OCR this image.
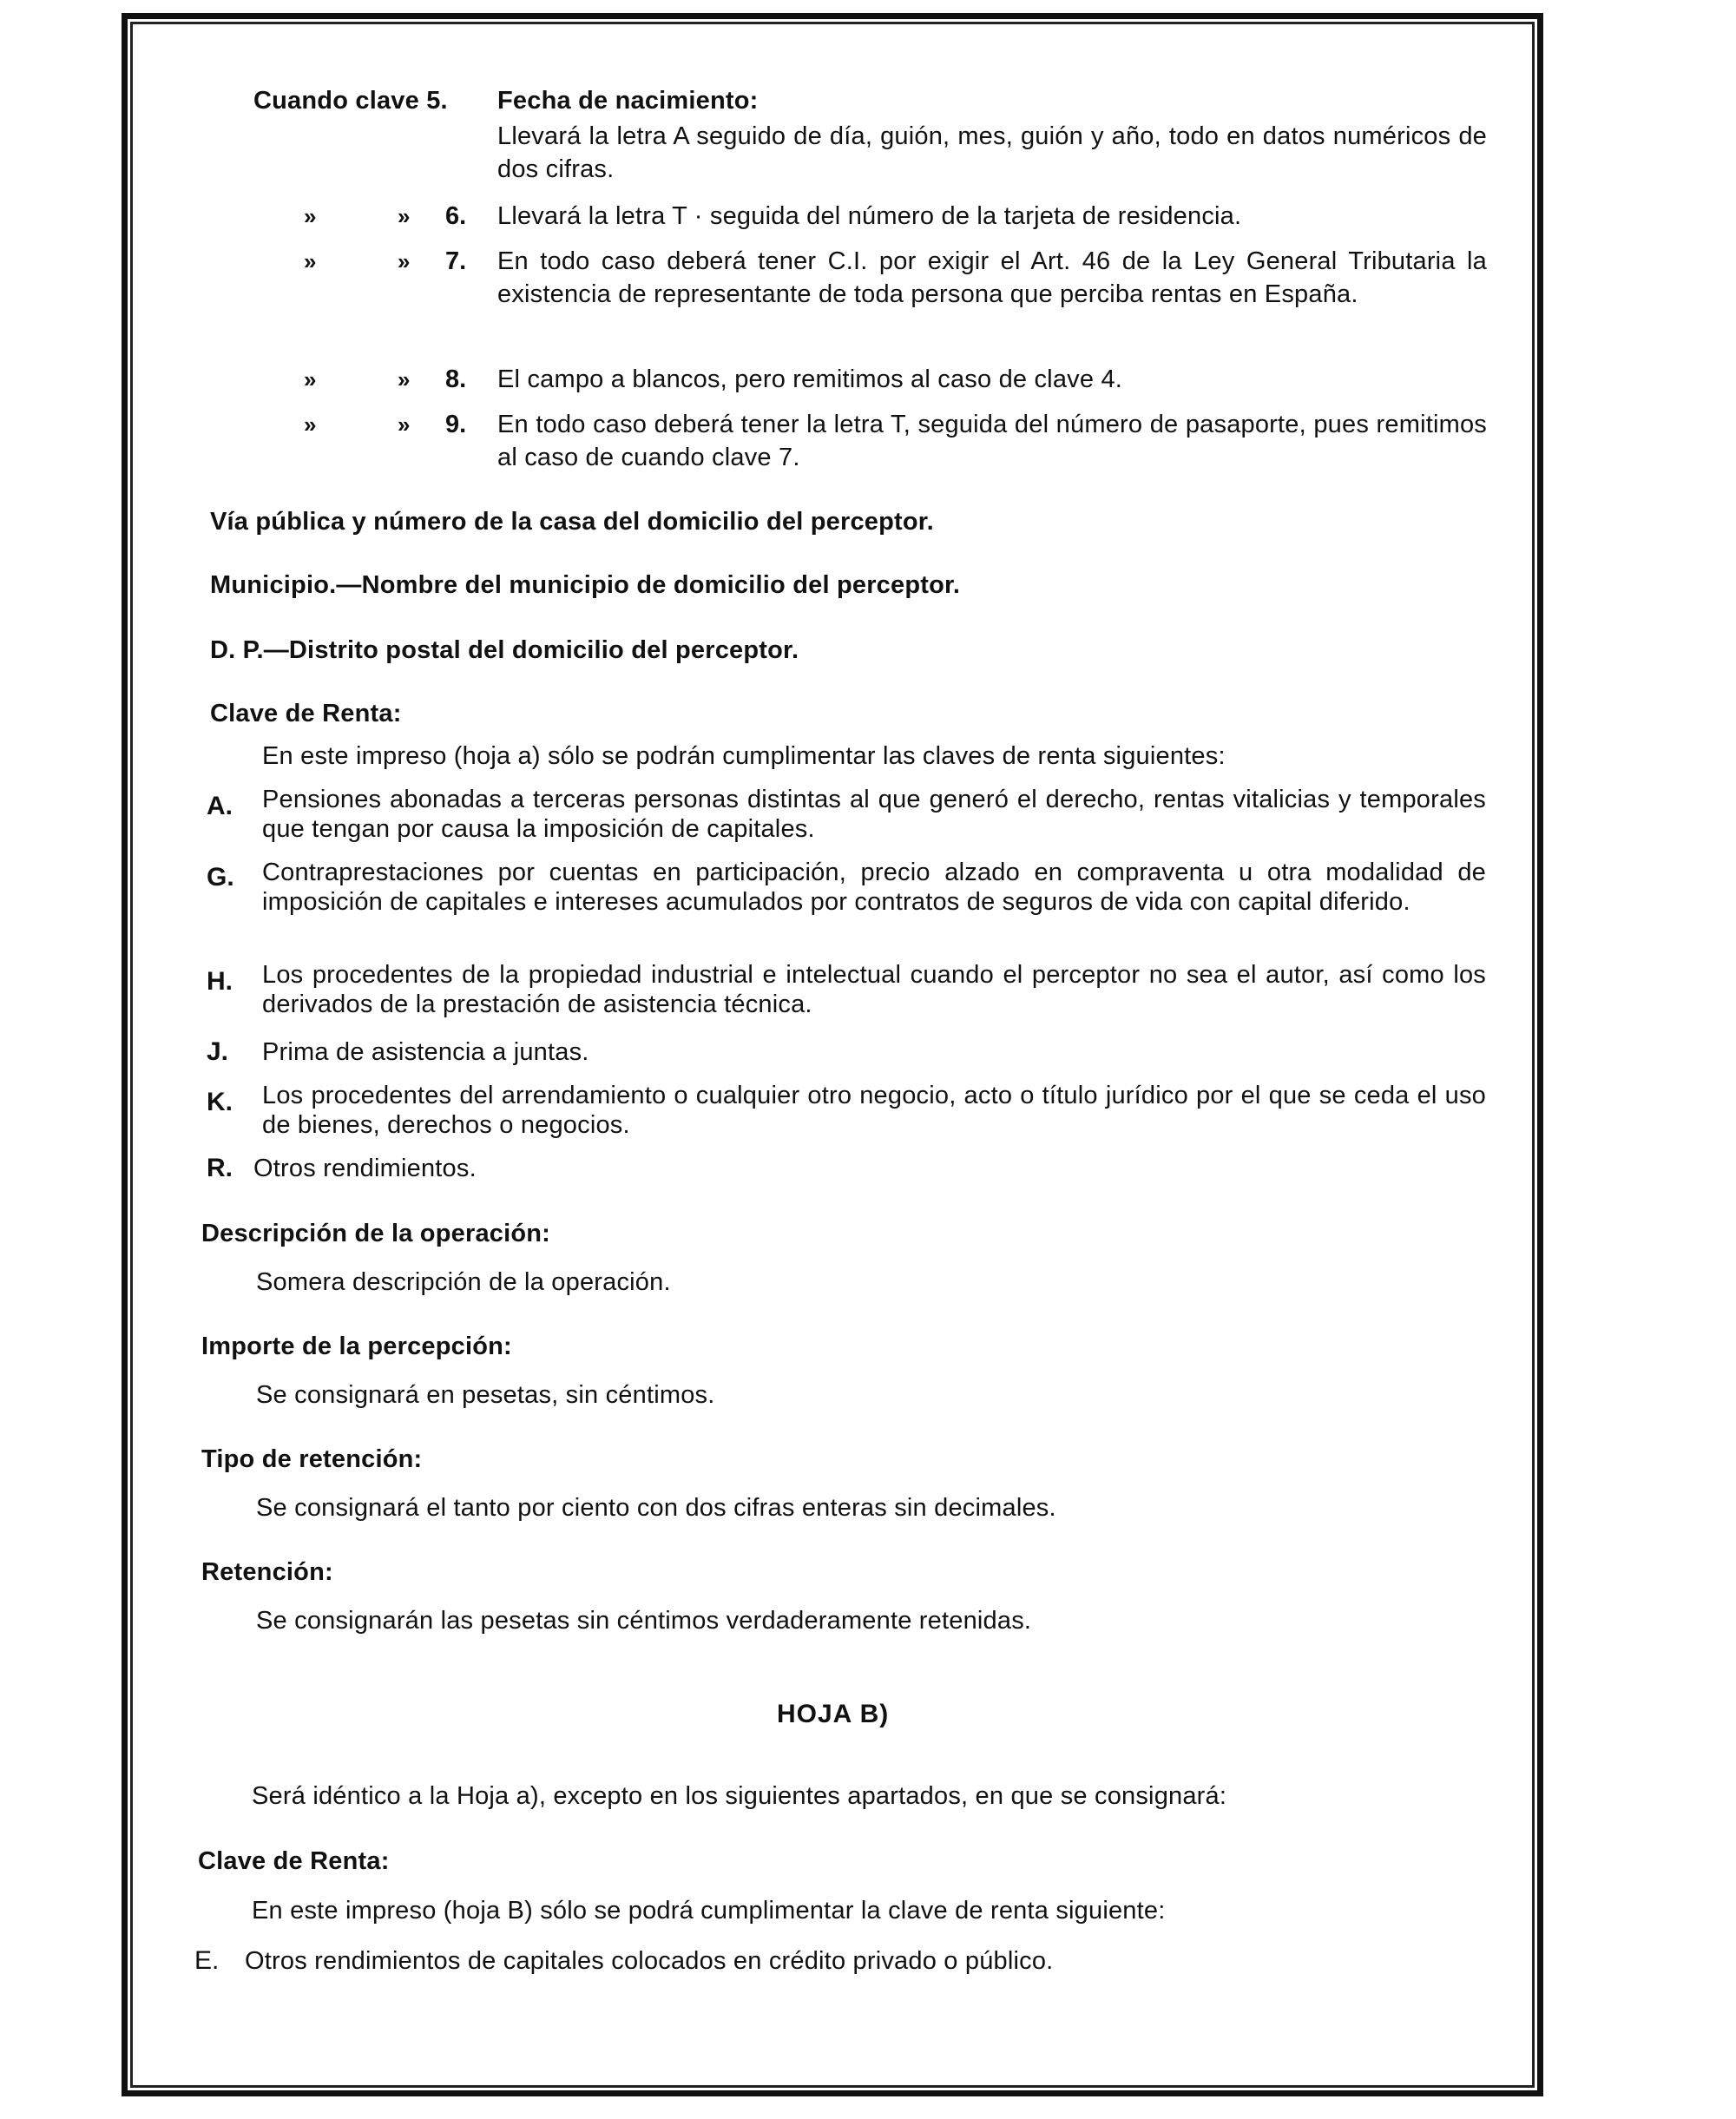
Cuando clave 5. Fecha de nacimiento:
Llevará la letra A seguido de día, guión, mes, guión y año, todo en datos numéricos de dos cifras.
»	» 6. Llevará la letra T · seguida del número de la tarjeta de residencia.
»	» 7. En todo caso deberá tener C.I. por exigir el Art. 46 de la Ley General Tributaria la existencia de representante de toda persona que perciba rentas en España.
»	» 8. El campo a blancos, pero remitimos al caso de clave 4.
»	» 9. En todo caso deberá tener la letra T, seguida del número de pasaporte, pues remitimos al caso de cuando clave 7.
Vía pública y número de la casa del domicilio del perceptor.
Municipio.—Nombre del municipio de domicilio del perceptor.
D. P.—Distrito postal del domicilio del perceptor.
Clave de Renta:
En este impreso (hoja a) sólo se podrán cumplimentar las claves de renta siguientes:
A. Pensiones abonadas a terceras personas distintas al que generó el derecho, rentas vitalicias y temporales que tengan por causa la imposición de capitales.
G. Contraprestaciones por cuentas en participación, precio alzado en compraventa u otra modalidad de imposición de capitales e intereses acumulados por contratos de seguros de vida con capital diferido.
H. Los procedentes de la propiedad industrial e intelectual cuando el perceptor no sea el autor, así como los derivados de la prestación de asistencia técnica.
J. Prima de asistencia a juntas.
K. Los procedentes del arrendamiento o cualquier otro negocio, acto o título jurídico por el que se ceda el uso de bienes, derechos o negocios.
R. Otros rendimientos.
Descripción de la operación:
Somera descripción de la operación.
Importe de la percepción:
Se consignará en pesetas, sin céntimos.
Tipo de retención:
Se consignará el tanto por ciento con dos cifras enteras sin decimales.
Retención:
Se consignarán las pesetas sin céntimos verdaderamente retenidas.
HOJA B)
Será idéntico a la Hoja a), excepto en los siguientes apartados, en que se consignará:
Clave de Renta:
En este impreso (hoja B) sólo se podrá cumplimentar la clave de renta siguiente:
E. Otros rendimientos de capitales colocados en crédito privado o público.
